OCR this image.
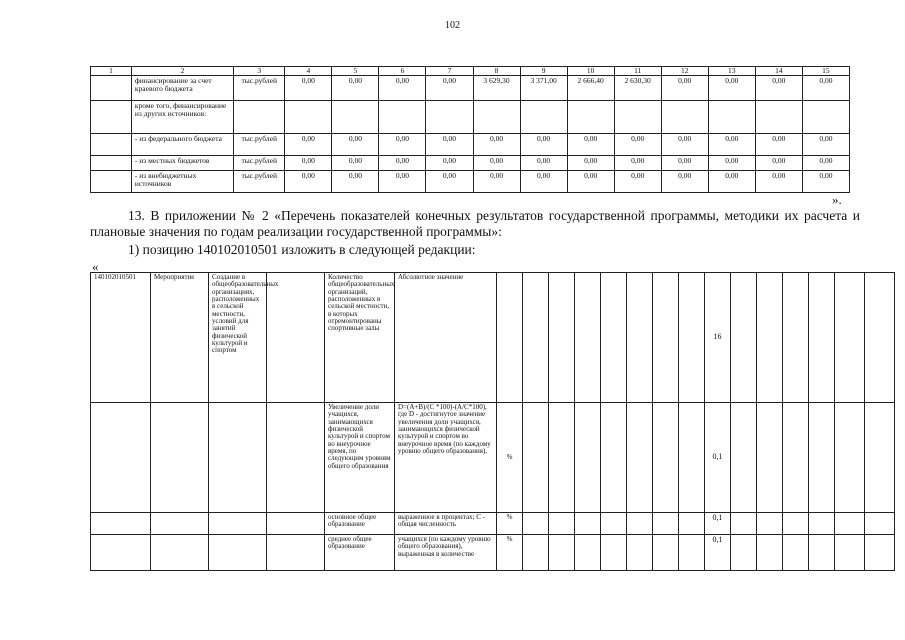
102
1	2	3	4	5	6	7	8	9	10	11	12	13	14	15
	финансирование за счет краевого бюджета	тыс.рублей	0,00	0,00	0,00	0,00	3 629,30	3 371,00	2 666,40	2 630,30	0,00	0,00	0,00	0,00
	кроме того, финансирование из других источников:													
	- из федерального бюджета	тыс.рублей	0,00	0,00	0,00	0,00	0,00	0,00	0,00	0,00	0,00	0,00	0,00	0,00
	- из местных бюджетов	тыс.рублей	0,00	0,00	0,00	0,00	0,00	0,00	0,00	0,00	0,00	0,00	0,00	0,00
	- из внебюджетных источников	тыс.рублей	0,00	0,00	0,00	0,00	0,00	0,00	0,00	0,00	0,00	0,00	0,00	0,00
».

13. В приложении № 2 «Перечень показателей конечных результатов государственной программы, методики их расчета и плановые значения по годам реализации государственной программы»:

1) позицию 140102010501 изложить в следующей редакции:

«
140102010501	Мероприятие	Создание в общеобразовательных организациях, расположенных в сельской местности, условий для занятий физической культурой и спортом		Количество общеобразовательных организаций, расположенных в сельской местности, в которых отремонтированы спортивные залы	Абсолютное значение									16						
				Увеличение доли учащихся, занимающихся физической культурой и спортом во внеурочное время, по следующим уровням общего образования	D=(A+B)/(C *100)-(A/C*100), где D - достигнутое значение увеличения доли учащихся, занимающихся физической культурой и спортом во внеурочное время (по каждому уровню общего образования),	%								0,1						
				основное общее образование	выраженное в процентах; C - общая численность	%								0,1						
				среднее общее образование	учащихся (по каждому уровню общего образования), выраженная в количестве	%								0,1						
